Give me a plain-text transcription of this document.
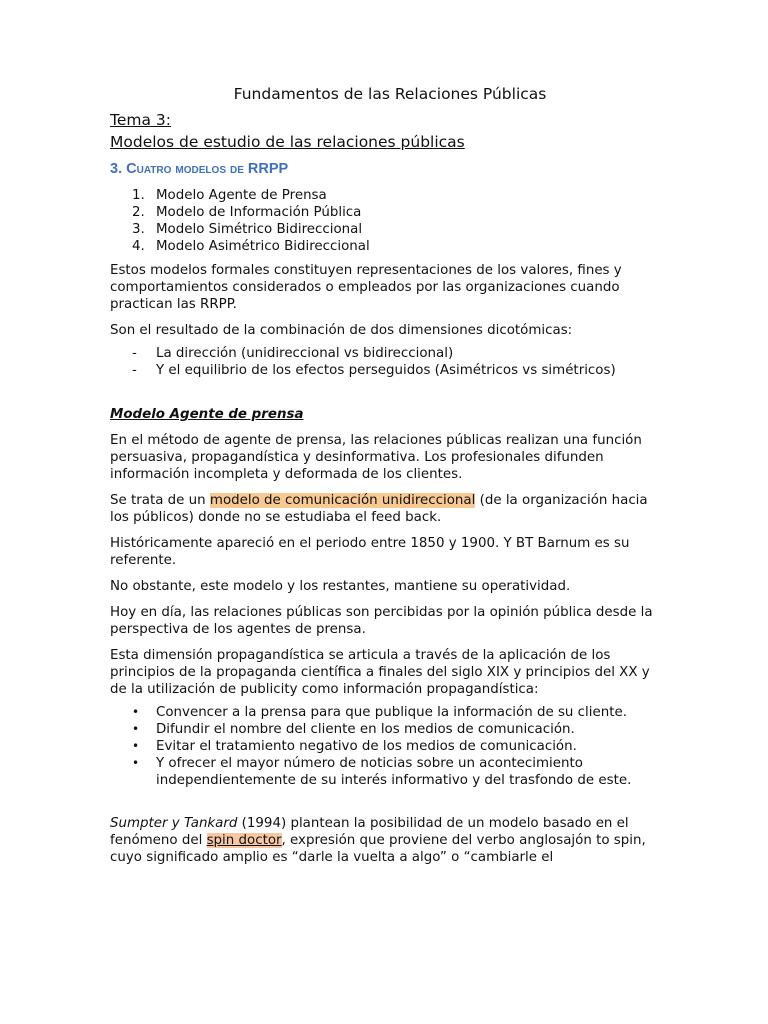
Fundamentos de las Relaciones Públicas
Tema 3:
Modelos de estudio de las relaciones públicas
3. Cuatro modelos de RRPP
1. Modelo Agente de Prensa
2. Modelo de Información Pública
3. Modelo Simétrico Bidireccional
4. Modelo Asimétrico Bidireccional

Estos modelos formales constituyen representaciones de los valores, fines y comportamientos considerados o empleados por las organizaciones cuando practican las RRPP.

Son el resultado de la combinación de dos dimensiones dicotómicas:

- La dirección (unidireccional vs bidireccional)
- Y el equilibrio de los efectos perseguidos (Asimétricos vs simétricos)
Modelo Agente de prensa

En el método de agente de prensa, las relaciones públicas realizan una función persuasiva, propagandística y desinformativa. Los profesionales difunden información incompleta y deformada de los clientes.

Se trata de un modelo de comunicación unidireccional (de la organización hacia los públicos) donde no se estudiaba el feed back.

Históricamente apareció en el periodo entre 1850 y 1900. Y BT Barnum es su referente.

No obstante, este modelo y los restantes, mantiene su operatividad.

Hoy en día, las relaciones públicas son percibidas por la opinión pública desde la perspectiva de los agentes de prensa.

Esta dimensión propagandística se articula a través de la aplicación de los principios de la propaganda científica a finales del siglo XIX y principios del XX y de la utilización de publicity como información propagandística:

• Convencer a la prensa para que publique la información de su cliente.
• Difundir el nombre del cliente en los medios de comunicación.
• Evitar el tratamiento negativo de los medios de comunicación.
• Y ofrecer el mayor número de noticias sobre un acontecimiento independientemente de su interés informativo y del trasfondo de este.

Sumpter y Tankard (1994) plantean la posibilidad de un modelo basado en el fenómeno del spin doctor, expresión que proviene del verbo anglosajón to spin, cuyo significado amplio es “darle la vuelta a algo” o “cambiarle el
